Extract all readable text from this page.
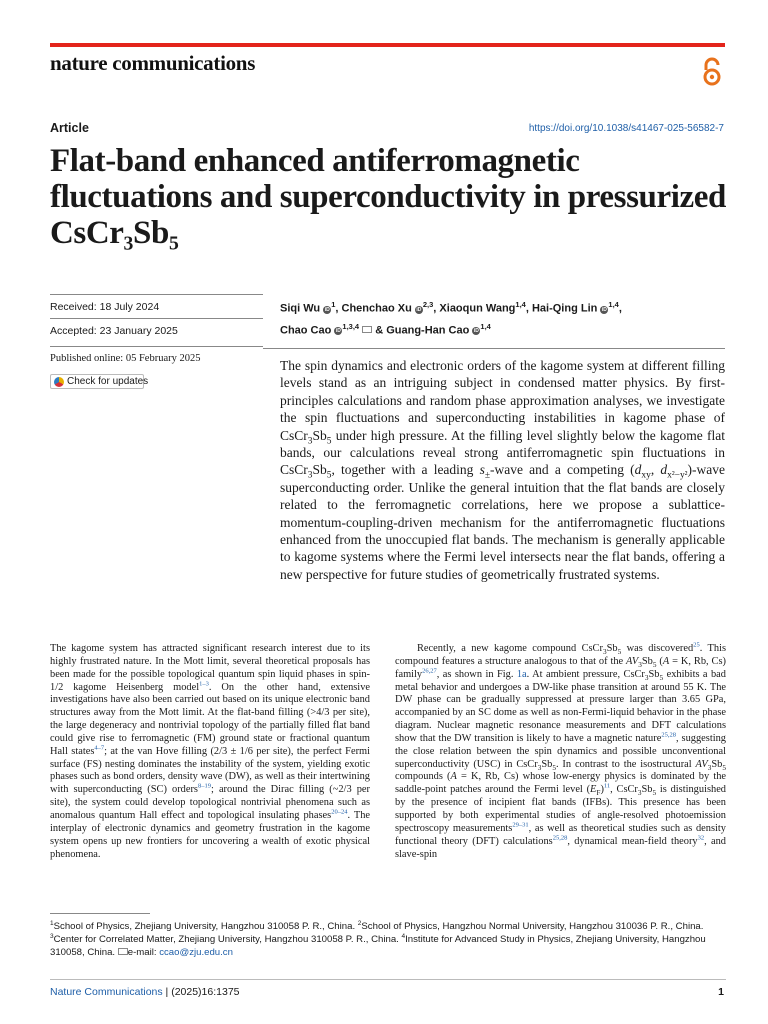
nature communications
Article	https://doi.org/10.1038/s41467-025-56582-7
Flat-band enhanced antiferromagnetic fluctuations and superconductivity in pressurized CsCr₃Sb₅
Received: 18 July 2024
Accepted: 23 January 2025
Published online: 05 February 2025
Check for updates
Siqi Wu $iD^1$, Chenchao Xu iD$^{2,3}$, Xiaoqun Wang$^{1,4}$, Hai-Qing Lin iD$^{1,4}$,
Chao Cao iD$^{1,3,4}$  & Guang-Han Cao iD$^{1,4}$

The spin dynamics and electronic orders of the kagome system at different filling levels stand as an intriguing subject in condensed matter physics. By first-principles calculations and random phase approximation analyses, we investigate the spin fluctuations and superconducting instabilities in kagome phase of $CsCr_3Sb_5$ under high pressure. At the filling level slightly below the kagome flat bands, our calculations reveal strong antiferromagnetic spin fluctuations in $CsCr_3Sb_5$, together with a leading $s_\pm$-wave and a competing ($d_{xy}$, $d_{x^2-y^2}$)-wave superconducting order. Unlike the general intuition that the flat bands are closely related to the ferromagnetic correlations, here we propose a sublattice-momentum-coupling-driven mechanism for the antiferromagnetic fluctuations enhanced from the unoccupied flat bands. The mechanism is generally applicable to kagome systems where the Fermi level intersects near the flat bands, offering a new perspective for future studies of geometrically frustrated systems.

The kagome system has attracted significant research interest due to its highly frustrated nature. In the Mott limit, several theoretical proposals has been made for the possible topological quantum spin liquid phases in spin-1/2 kagome Heisenberg model$^{1-3}$. On the other hand, extensive investigations have also been carried out based on its unique electronic band structures away from the Mott limit. At the flat-band filling (>4/3 per site), the large degeneracy and nontrivial topology of the partially filled flat band could give rise to ferromagnetic (FM) ground state or fractional quantum Hall states$^{4-7}$; at the van Hove filling (2/3 ± 1/6 per site), the perfect Fermi surface (FS) nesting dominates the instability of the system, yielding exotic phases such as bond orders, density wave (DW), as well as their intertwining with superconducting (SC) orders$^{8-19}$; around the Dirac filling (~2/3 per site), the system could develop topological nontrivial phenomena such as anomalous quantum Hall effect and topological insulating phases$^{20-24}$. The interplay of electronic dynamics and geometry frustration in the kagome system opens up new frontiers for uncovering a wealth of exotic physical phenomena.

Recently, a new kagome compound $CsCr_3Sb_5$ was discovered$^{25}$. This compound features a structure analogous to that of the $AV_3Sb_5$ (A = K, Rb, Cs) family$^{26,27}$, as shown in Fig. 1a. At ambient pressure, $CsCr_3Sb_5$ exhibits a bad metal behavior and undergoes a DW-like phase transition at around 55 K. The DW phase can be gradually suppressed at pressure larger than 3.65 GPa, accompanied by an SC dome as well as non-Fermi-liquid behavior in the phase diagram. Nuclear magnetic resonance measurements and DFT calculations show that the DW transition is likely to have a magnetic nature$^{25,28}$, suggesting the close relation between the spin dynamics and possible unconventional superconductivity (USC) in $CsCr_3Sb_5$. In contrast to the isostructural $AV_3Sb_5$ compounds (A = K, Rb, Cs) whose low-energy physics is dominated by the saddle-point patches around the Fermi level $(E_F)^{11}$, $CsCr_3Sb_5$ is distinguished by the presence of incipient flat bands (IFBs). This presence has been supported by both experimental studies of angle-resolved photoemission spectroscopy measurements$^{29-31}$, as well as theoretical studies such as density functional theory (DFT) calculations$^{25,28}$, dynamical mean-field theory$^{32}$, and slave-spin

$^1$School of Physics, Zhejiang University, Hangzhou 310058 P. R., China. $^2$School of Physics, Hangzhou Normal University, Hangzhou 310036 P. R., China.
$^3$Center for Correlated Matter, Zhejiang University, Hangzhou 310058 P. R., China. $^4$Institute for Advanced Study in Physics, Zhejiang University, Hangzhou 310058, China. e-mail: ccao@zju.edu.cn

Nature Communications | (2025)16:1375	1
